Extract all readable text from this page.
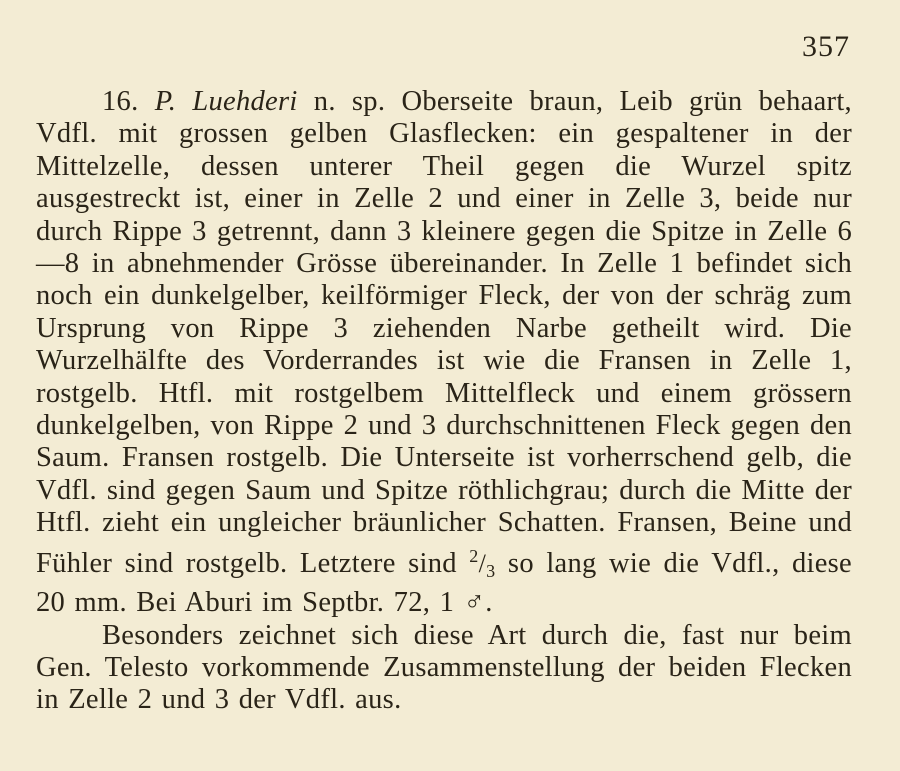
357

16. P. Luehderi n. sp. Oberseite braun, Leib grün behaart, Vdfl. mit grossen gelben Glasflecken: ein gespaltener in der Mittelzelle, dessen unterer Theil gegen die Wurzel spitz ausgestreckt ist, einer in Zelle 2 und einer in Zelle 3, beide nur durch Rippe 3 getrennt, dann 3 kleinere gegen die Spitze in Zelle 6—8 in abnehmender Grösse übereinander. In Zelle 1 befindet sich noch ein dunkelgelber, keilförmiger Fleck, der von der schräg zum Ursprung von Rippe 3 ziehenden Narbe getheilt wird. Die Wurzelhälfte des Vorderrandes ist wie die Fransen in Zelle 1, rostgelb. Htfl. mit rostgelbem Mittelfleck und einem grössern dunkelgelben, von Rippe 2 und 3 durchschnittenen Fleck gegen den Saum. Fransen rostgelb. Die Unterseite ist vorherrschend gelb, die Vdfl. sind gegen Saum und Spitze röthlichgrau; durch die Mitte der Htfl. zieht ein ungleicher bräunlicher Schatten. Fransen, Beine und Fühler sind rostgelb. Letztere sind $^2/_3$ so lang wie die Vdfl., diese 20 mm. Bei Aburi im Septbr. 72, 1 ♂.

Besonders zeichnet sich diese Art durch die, fast nur beim Gen. Telesto vorkommende Zusammenstellung der beiden Flecken in Zelle 2 und 3 der Vdfl. aus.
